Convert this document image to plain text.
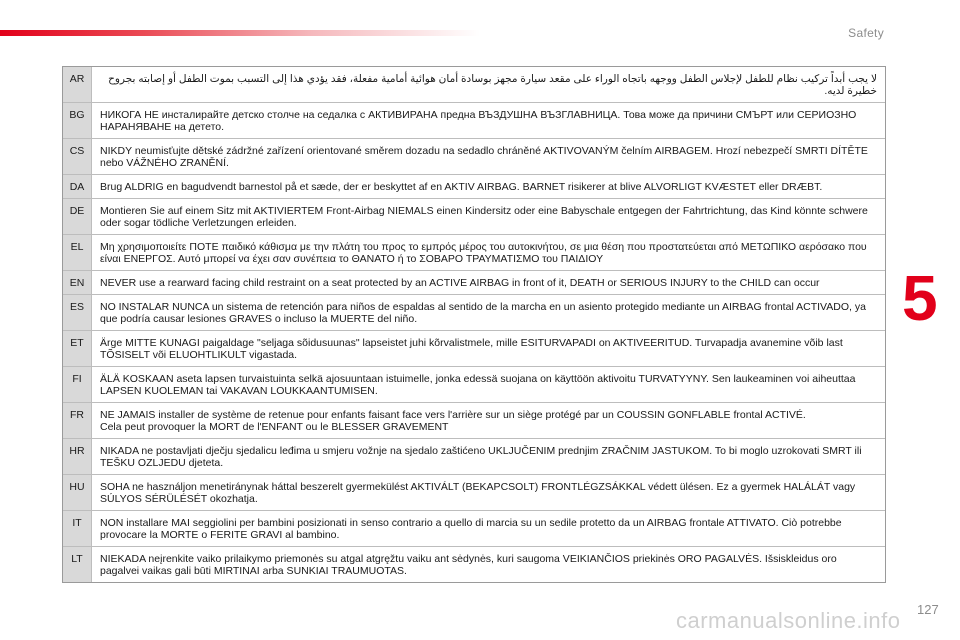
Safety
5
AR	لا يجب أبداً تركيب نظام للطفل لإجلاس الطفل ووجهه باتجاه الوراء على مقعد سيارة مجهز بوسادة أمان هوائية أمامية مفعلة، فقد يؤدي هذا إلى التسبب بموت الطفل أو إصابته بجروح خطيرة لديه.
BG	НИКОГА НЕ инсталирайте детско столче на седалка с АКТИВИРАНА предна ВЪЗДУШНА ВЪЗГЛАВНИЦА. Това може да причини СМЪРТ или СЕРИОЗНО НАРАНЯВАНЕ на детето.
CS	NIKDY neumisťujte dětské zádržné zařízení orientované směrem dozadu na sedadlo chráněné AKTIVOVANÝM čelním AIRBAGEM. Hrozí nebezpečí SMRTI DÍTĚTE nebo VÁŽNÉHO ZRANĚNÍ.
DA	Brug ALDRIG en bagudvendt barnestol på et sæde, der er beskyttet af en AKTIV AIRBAG. BARNET risikerer at blive ALVORLIGT KVÆSTET eller DRÆBT.
DE	Montieren Sie auf einem Sitz mit AKTIVIERTEM Front-Airbag NIEMALS einen Kindersitz oder eine Babyschale entgegen der Fahrtrichtung, das Kind könnte schwere oder sogar tödliche Verletzungen erleiden.
EL	Μη χρησιμοποιείτε ΠΟΤΕ παιδικό κάθισμα με την πλάτη του προς το εμπρός μέρος του αυτοκινήτου, σε μια θέση που προστατεύεται από ΜΕΤΩΠΙΚΟ αερόσακο που είναι ΕΝΕΡΓΟΣ. Αυτό μπορεί να έχει σαν συνέπεια το ΘΑΝΑΤΟ ή το ΣΟΒΑΡΟ ΤΡΑΥΜΑΤΙΣΜΟ του ΠΑΙΔΙΟΥ
EN	NEVER use a rearward facing child restraint on a seat protected by an ACTIVE AIRBAG in front of it, DEATH or SERIOUS INJURY to the CHILD can occur
ES	NO INSTALAR NUNCA un sistema de retención para niños de espaldas al sentido de la marcha en un asiento protegido mediante un AIRBAG frontal ACTIVADO, ya que podría causar lesiones GRAVES o incluso la MUERTE del niño.
ET	Ärge MITTE KUNAGI paigaldage "seljaga sõidusuunas" lapseistet juhi kõrvalistmele, mille ESITURVAPADI on AKTIVEERITUD. Turvapadja avanemine võib last TÕSISELT või ELUOHTLIKULT vigastada.
FI	ÄLÄ KOSKAAN aseta lapsen turvaistuinta selkä ajosuuntaan istuimelle, jonka edessä suojana on käyttöön aktivoitu TURVATYYNY. Sen laukeaminen voi aiheuttaa LAPSEN KUOLEMAN tai VAKAVAN LOUKKAANTUMISEN.
FR	NE JAMAIS installer de système de retenue pour enfants faisant face vers l'arrière sur un siège protégé par un COUSSIN GONFLABLE frontal ACTIVÉ.
Cela peut provoquer la MORT de l'ENFANT ou le BLESSER GRAVEMENT
HR	NIKADA ne postavljati dječju sjedalicu leđima u smjeru vožnje na sjedalo zaštićeno UKLJUČENIM prednjim ZRAČNIM JASTUKOM. To bi moglo uzrokovati SMRT ili TEŠKU OZLJEDU djeteta.
HU	SOHA ne használjon menetiránynak háttal beszerelt gyermekülést AKTIVÁLT (BEKAPCSOLT) FRONTLÉGZSÁKKAL védett ülésen. Ez a gyermek HALÁLÁT vagy SÚLYOS SÉRÜLÉSÉT okozhatja.
IT	NON installare MAI seggiolini per bambini posizionati in senso contrario a quello di marcia su un sedile protetto da un AIRBAG frontale ATTIVATO. Ciò potrebbe provocare la MORTE o FERITE GRAVI al bambino.
LT	NIEKADA neįrenkite vaiko prilaikymo priemonės su atgal atgręžtu vaiku ant sėdynės, kuri saugoma VEIKIANČIOS priekinės ORO PAGALVĖS. Išsiskleidus oro pagalvei vaikas gali būti MIRTINAI arba SUNKIAI TRAUMUOTAS.
carmanualsonline.info 127
